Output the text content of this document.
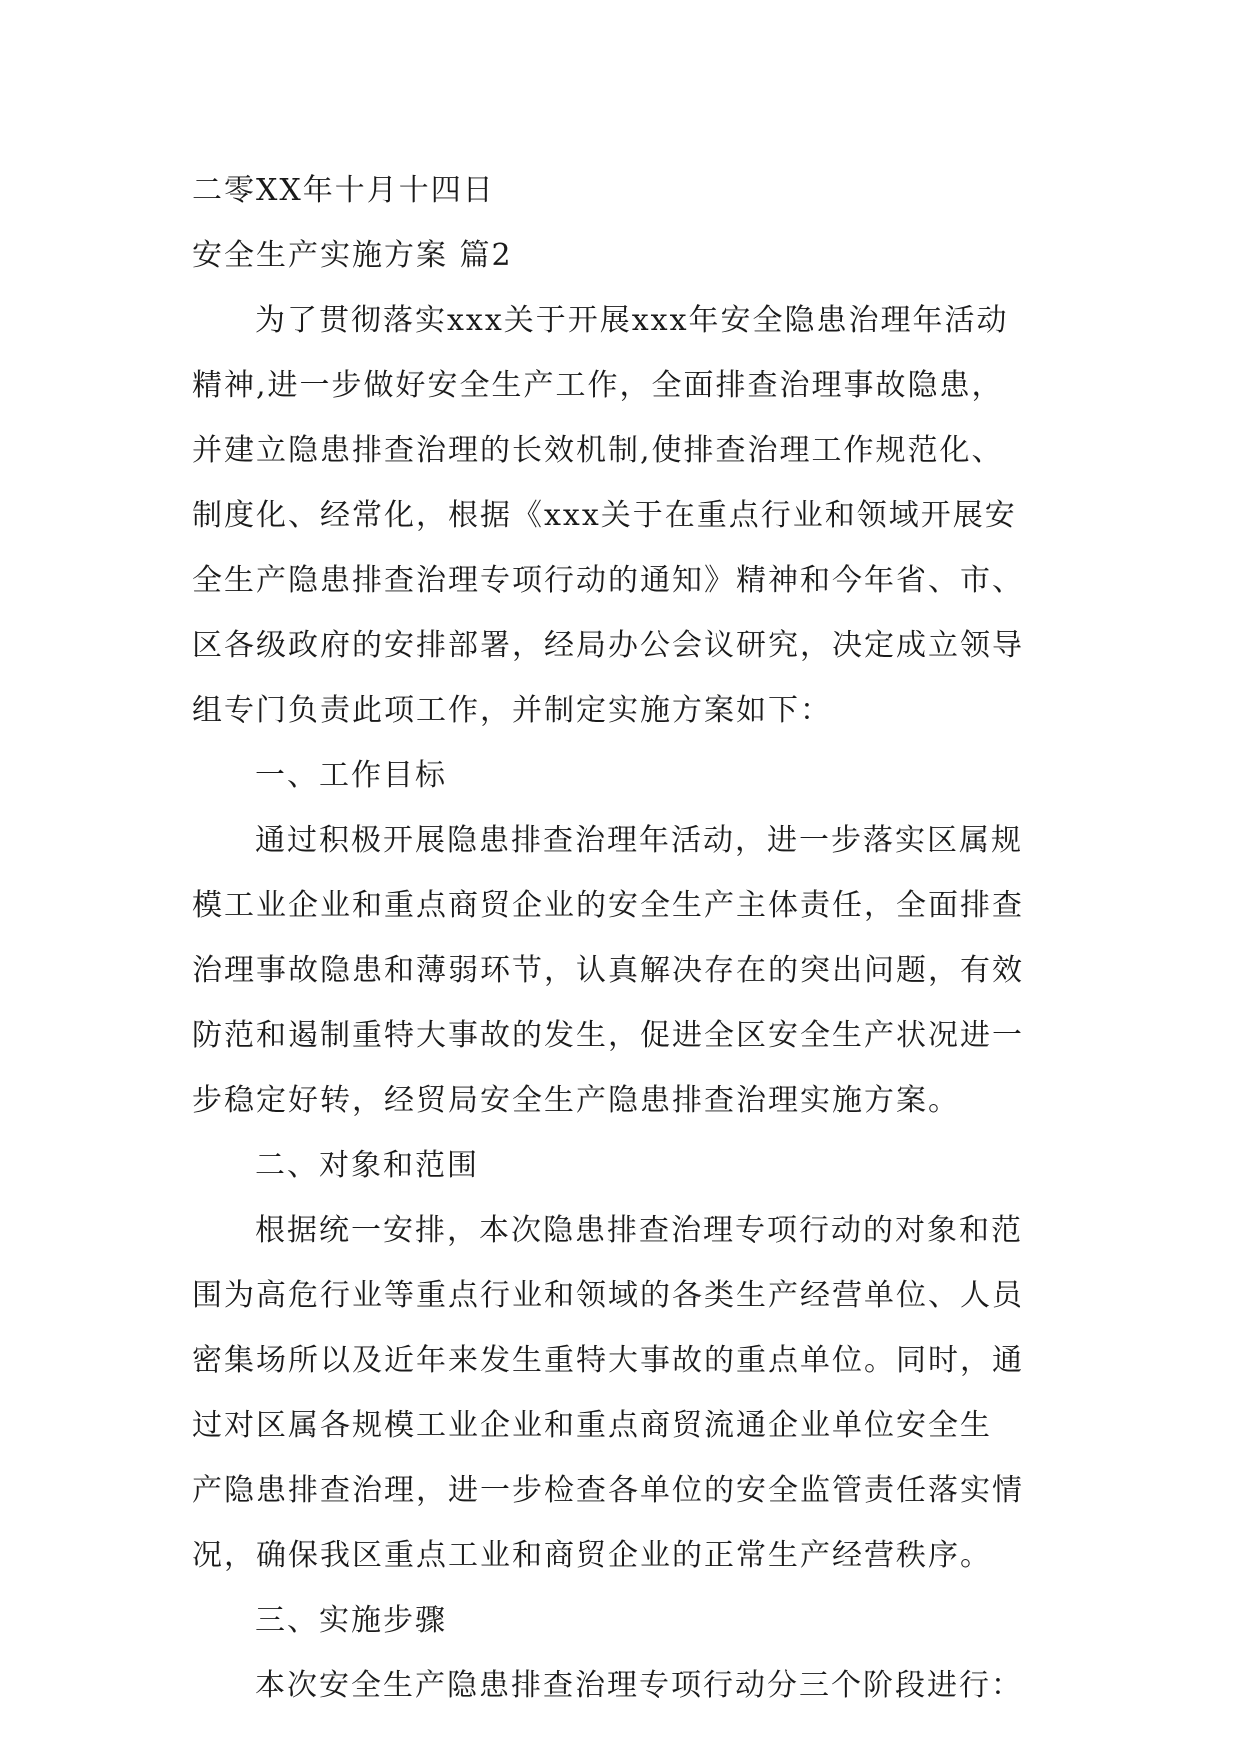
二零XX年十月十四日
安全生产实施方案 篇2
为了贯彻落实xxx关于开展xxx年安全隐患治理年活动
精神,进一步做好安全生产工作，全面排查治理事故隐患，
并建立隐患排查治理的长效机制,使排查治理工作规范化、
制度化、经常化，根据《xxx关于在重点行业和领域开展安
全生产隐患排查治理专项行动的通知》精神和今年省、市、
区各级政府的安排部署，经局办公会议研究，决定成立领导
组专门负责此项工作，并制定实施方案如下：
一、工作目标
通过积极开展隐患排查治理年活动，进一步落实区属规
模工业企业和重点商贸企业的安全生产主体责任，全面排查
治理事故隐患和薄弱环节，认真解决存在的突出问题，有效
防范和遏制重特大事故的发生，促进全区安全生产状况进一
步稳定好转，经贸局安全生产隐患排查治理实施方案。
二、对象和范围
根据统一安排，本次隐患排查治理专项行动的对象和范
围为高危行业等重点行业和领域的各类生产经营单位、人员
密集场所以及近年来发生重特大事故的重点单位。同时，通
过对区属各规模工业企业和重点商贸流通企业单位安全生
产隐患排查治理，进一步检查各单位的安全监管责任落实情
况，确保我区重点工业和商贸企业的正常生产经营秩序。
三、实施步骤
本次安全生产隐患排查治理专项行动分三个阶段进行：
